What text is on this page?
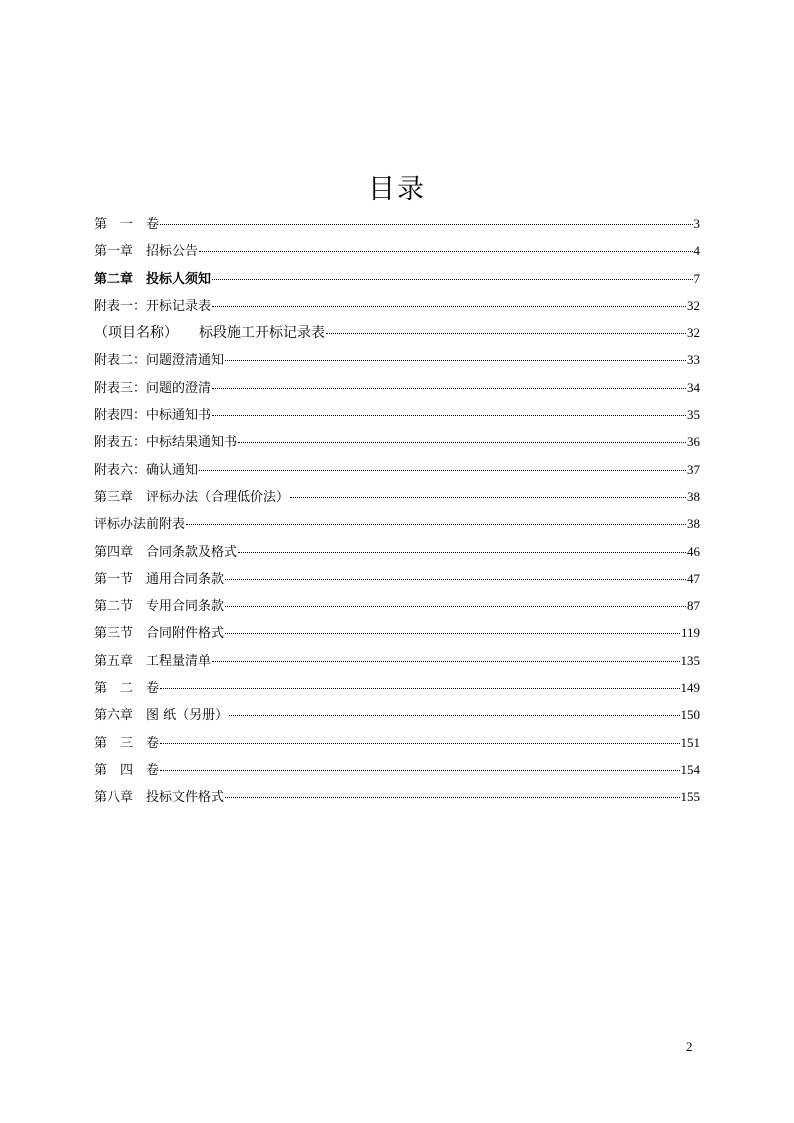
目录
第　一　卷	3
第一章　招标公告	4
第二章　投标人须知	7
附表一：开标记录表	32
（项目名称）　　标段施工开标记录表	32
附表二：问题澄清通知	33
附表三：问题的澄清	34
附表四：中标通知书	35
附表五：中标结果通知书	36
附表六：确认通知	37
第三章　评标办法（合理低价法）	38
评标办法前附表	38
第四章　合同条款及格式	46
第一节　通用合同条款	47
第二节　专用合同条款	87
第三节　合同附件格式	119
第五章　工程量清单	135
第　二　卷	149
第六章　图 纸（另册）	150
第　三　卷	151
第　四　卷	154
第八章　投标文件格式	155
2
